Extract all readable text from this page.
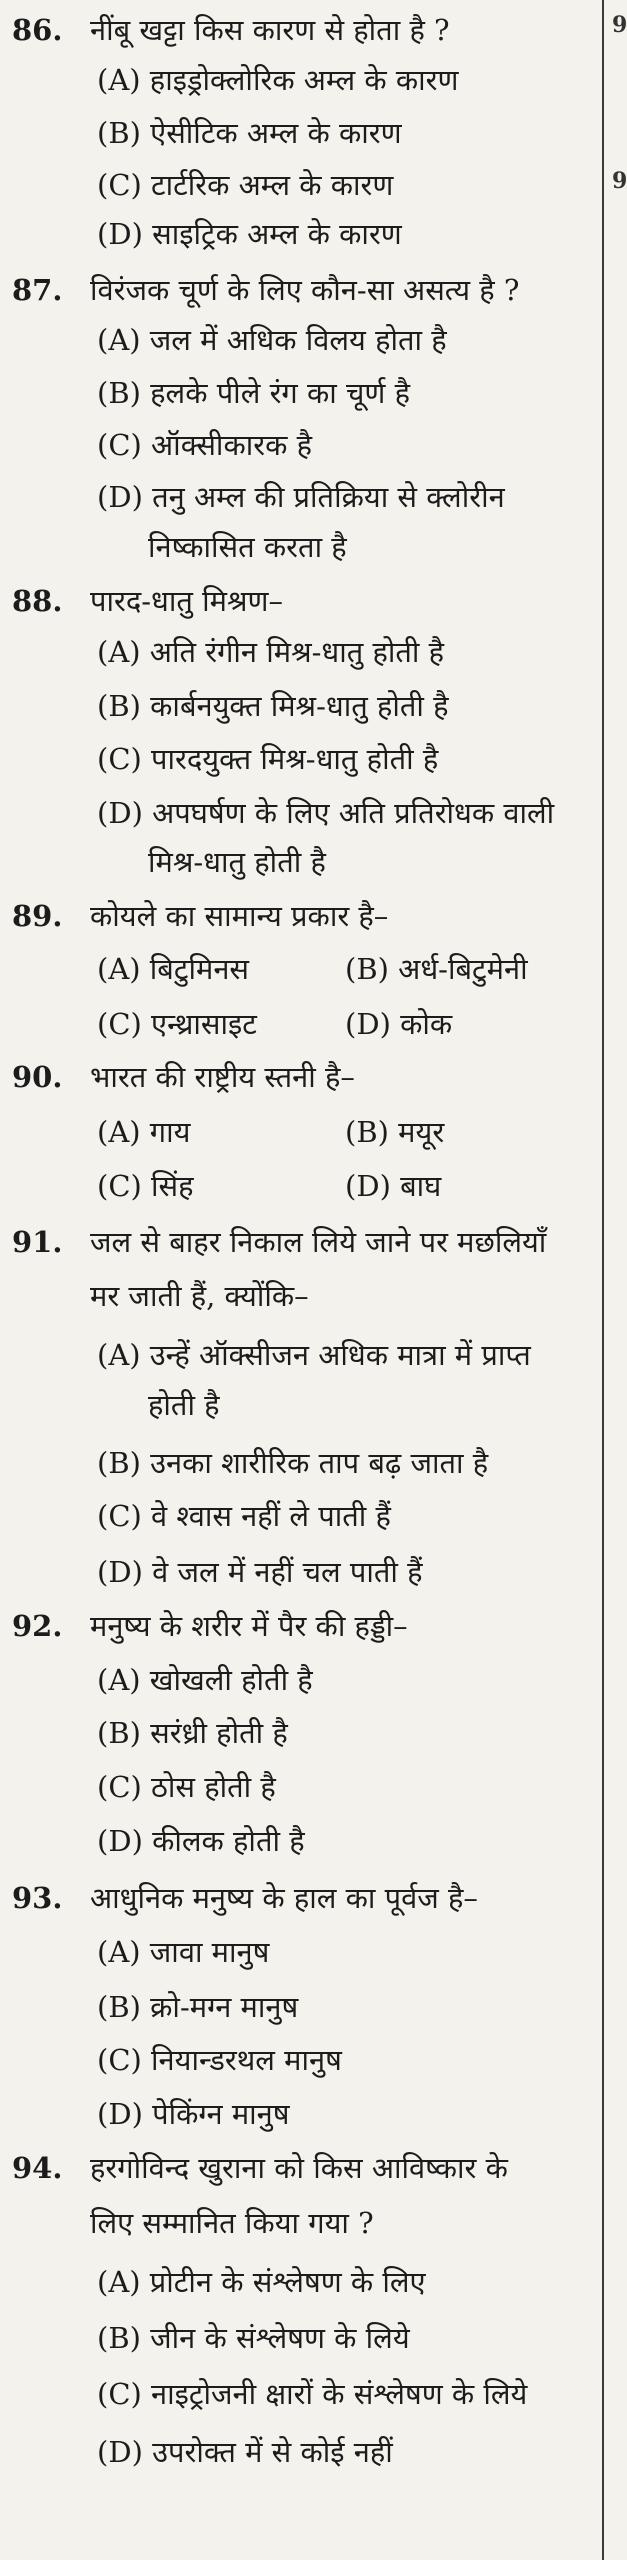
9
9
86. नींबू खट्टा किस कारण से होता है ?
(A) हाइड्रोक्लोरिक अम्ल के कारण
(B) ऐसीटिक अम्ल के कारण
(C) टार्टरिक अम्ल के कारण
(D) साइट्रिक अम्ल के कारण
87. विरंजक चूर्ण के लिए कौन-सा असत्य है ?
(A) जल में अधिक विलय होता है
(B) हलके पीले रंग का चूर्ण है
(C) ऑक्सीकारक है
(D) तनु अम्ल की प्रतिक्रिया से क्लोरीन
निष्कासित करता है
88. पारद-धातु मिश्रण–
(A) अति रंगीन मिश्र-धातु होती है
(B) कार्बनयुक्त मिश्र-धातु होती है
(C) पारदयुक्त मिश्र-धातु होती है
(D) अपघर्षण के लिए अति प्रतिरोधक वाली
मिश्र-धातु होती है
89. कोयले का सामान्य प्रकार है–
(A) बिटुमिनस	(B) अर्ध-बिटुमेनी
(C) एन्थ्रासाइट	(D) कोक
90. भारत की राष्ट्रीय स्तनी है–
(A) गाय	(B) मयूर
(C) सिंह	(D) बाघ
91. जल से बाहर निकाल लिये जाने पर मछलियाँ
मर जाती हैं, क्योंकि–
(A) उन्हें ऑक्सीजन अधिक मात्रा में प्राप्त
होती है
(B) उनका शारीरिक ताप बढ़ जाता है
(C) वे श्वास नहीं ले पाती हैं
(D) वे जल में नहीं चल पाती हैं
92. मनुष्य के शरीर में पैर की हड्डी–
(A) खोखली होती है
(B) सरंध्री होती है
(C) ठोस होती है
(D) कीलक होती है
93. आधुनिक मनुष्य के हाल का पूर्वज है–
(A) जावा मानुष
(B) क्रो-मग्न मानुष
(C) नियान्डरथल मानुष
(D) पेकिंग्न मानुष
94. हरगोविन्द खुराना को किस आविष्कार के
लिए सम्मानित किया गया ?
(A) प्रोटीन के संश्लेषण के लिए
(B) जीन के संश्लेषण के लिये
(C) नाइट्रोजनी क्षारों के संश्लेषण के लिये
(D) उपरोक्त में से कोई नहीं
